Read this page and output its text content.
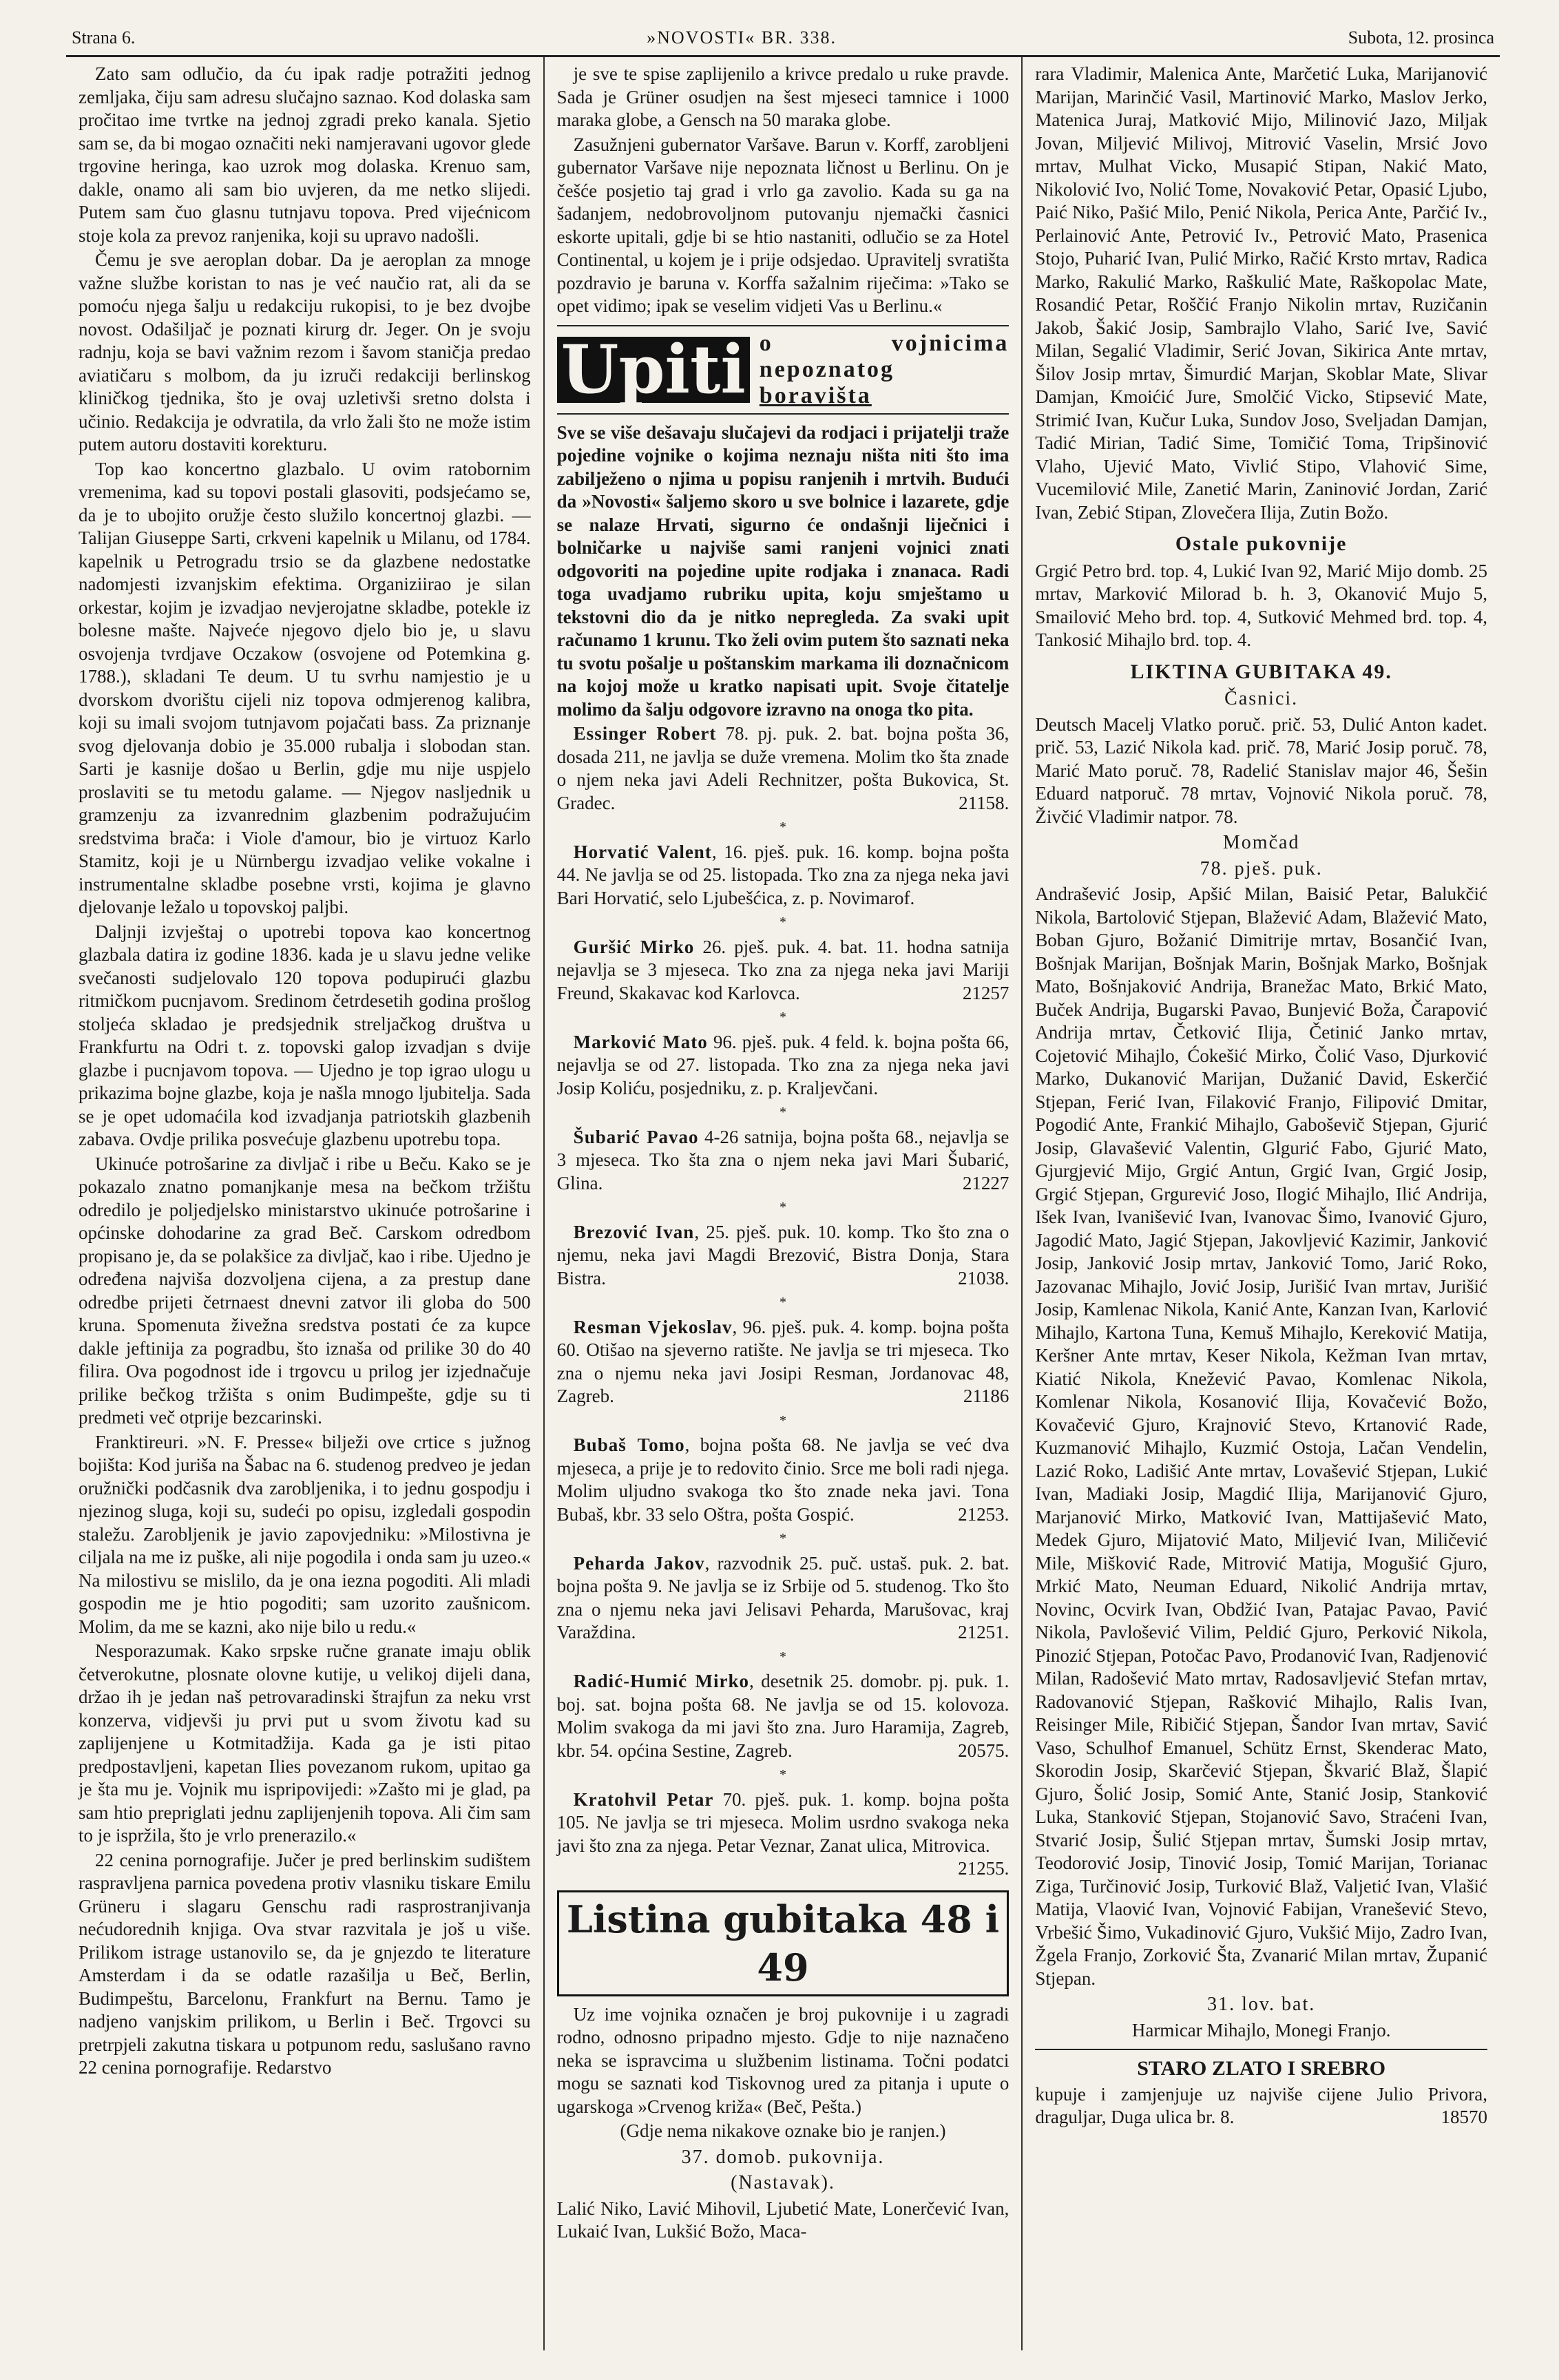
Strana 6.	»NOVOSTI« BR. 338.	Subota, 12. prosinca

Zato sam odlučio, da ću ipak radje potražiti jednog zemljaka, čiju sam adresu slučajno saznao. Kod dolaska sam pročitao ime tvrtke na jednoj zgradi preko kanala. Sjetio sam se, da bi mogao označiti neki namjeravani ugovor glede trgovine heringa, kao uzrok mog dolaska. Krenuo sam, dakle, onamo ali sam bio uvjeren, da me netko slijedi. Putem sam čuo glasnu tutnjavu topova. Pred vijećnicom stoje kola za prevoz ranjenika, koji su upravo nadošli.

Čemu je sve aeroplan dobar. Da je aeroplan za mnoge važne službe koristan to nas je već naučio rat, ali da se pomoću njega šalju u redakciju rukopisi, to je bez dvojbe novost. Odašiljač je poznati kirurg dr. Jeger. On je svoju radnju, koja se bavi važnim rezom i šavom staničja predao aviatičaru s molbom, da ju izruči redakciji berlinskog kliničkog tjednika, što je ovaj uzletivši sretno dolsta i učinio. Redakcija je odvratila, da vrlo žali što ne može istim putem autoru dostaviti korekturu.

Top kao koncertno glazbalo. U ovim ratobornim vremenima, kad su topovi postali glasoviti, podsjećamo se, da je to ubojito oružje često služilo koncertnoj glazbi. — Talijan Giuseppe Sarti, crkveni kapelnik u Milanu, od 1784. kapelnik u Petrogradu trsio se da glazbene nedostatke nadomjesti izvanjskim efektima. Organiziirao je silan orkestar, kojim je izvadjao nevjerojatne skladbe, potekle iz bolesne mašte. Najveće njegovo djelo bio je, u slavu osvojenja tvrdjave Oczakow (osvojene od Potemkina g. 1788.), skladani Te deum. U tu svrhu namjestio je u dvorskom dvorištu cijeli niz topova odmjerenog kalibra, koji su imali svojom tutnjavom pojačati bass. Za priznanje svog djelovanja dobio je 35.000 rubalja i slobodan stan. Sarti je kasnije došao u Berlin, gdje mu nije uspjelo proslaviti se tu metodu galame. — Njegov nasljednik u gramzenju za izvanrednim glazbenim podražujućim sredstvima brača: i Viole d'amour, bio je virtuoz Karlo Stamitz, koji je u Nürnbergu izvadjao velike vokalne i instrumentalne skladbe posebne vrsti, kojima je glavno djelovanje ležalo u topovskoj paljbi.

Daljnji izvještaj o upotrebi topova kao koncertnog glazbala datira iz godine 1836. kada je u slavu jedne velike svečanosti sudjelovalo 120 topova podupirući glazbu ritmičkom pucnjavom. Sredinom četrdesetih godina prošlog stoljeća skladao je predsjednik streljačkog društva u Frankfurtu na Odri t. z. topovski galop izvadjan s dvije glazbe i pucnjavom topova. — Ujedno je top igrao ulogu u prikazima bojne glazbe, koja je našla mnogo ljubitelja. Sada se je opet udomaćila kod izvadjanja patriotskih glazbenih zabava. Ovdje prilika posvećuje glazbenu upotrebu topa.

Ukinuće potrošarine za divljač i ribe u Beču. Kako se je pokazalo znatno pomanjkanje mesa na bečkom tržištu odredilo je poljedjelsko ministarstvo ukinuće potrošarine i općinske dohodarine za grad Beč. Carskom odredbom propisano je, da se polakšice za divljač, kao i ribe. Ujedno je određena najviša dozvoljena cijena, a za prestup dane odredbe prijeti četrnaest dnevni zatvor ili globa do 500 kruna. Spomenuta živežna sredstva postati će za kupce dakle jeftinija za pogradbu, što iznaša od prilike 30 do 40 filira. Ova pogodnost ide i trgovcu u prilog jer izjednačuje prilike bečkog tržišta s onim Budimpešte, gdje su ti predmeti več otprije bezcarinski.

Franktireuri. »N. F. Presse« bilježi ove crtice s južnog bojišta: Kod jurišа na Šabac na 6. studenog predveo je jedan oružnički podčasnik dva zarobljenika, i to jednu gospodju i njezinog sluga, koji su, sudeći po opisu, izgledali gospodin staležu. Zarobljenik je javio zapovjedniku: »Milostivna je ciljala na me iz puške, ali nije pogodila i onda sam ju uzeo.« Na milostivu se mislilo, da je ona iezna pogoditi. Ali mladi gospodin me je htio pogoditi; sam uzorito zaušnicom. Molim, da me se kazni, ako nije bilo u redu.«

Nesporazumak. Kako srpske ručne granate imaju oblik četverokutne, plosnate olovne kutije, u velikoj dijeli dana, držao ih je jedan naš petrovaradinski štrajfun za neku vrst konzerva, vidjevši ju prvi put u svom životu kad su zaplijenjene u Kotmitadžija. Kada ga je isti pitao predpostavljeni, kapetan Ilies povezanom rukom, upitao ga je šta mu je. Vojnik mu ispripovijedi: »Zašto mi je glad, pa sam htio prepriglati jednu zaplijenjenih topova. Ali čim sam to je ispržila, što je vrlo prenerazilo.«

22 cenina pornografije. Jučer je pred berlinskim sudištem raspravljena parnica povedena protiv vlasniku tiskare Emilu Grüneru i slagaru Genschu radi rasprostranjivanja nećudorednih knjiga. Ova stvar razvitala je još u više. Prilikom istrage ustanovilo se, da je gnjezdo te literature Amsterdam i da se odatle razašilja u Beč, Berlin, Budimpeštu, Barcelonu, Frankfurt na Bernu. Tamo je nadjeno vanjskim prilikom, u Berlin i Beč. Trgovci su pretrpjeli zakutna tiskara u potpunom redu, saslušano ravno 22 cenina pornografije. Redarstvo

je sve te spise zaplijenilo a krivce predalo u ruke pravde. Sada je Grüner osudjen na šest mjeseci tamnice i 1000 maraka globe, a Gensch na 50 maraka globe.

Zasužnjeni gubernator Varšave. Barun v. Korff, zarobljeni gubernator Varšave nije nepoznata ličnost u Berlinu. On je češće posjetio taj grad i vrlo ga zavolio. Kada su ga na šadanjem, nedobrovoljnom putovanju njemački časnici eskorte upitali, gdje bi se htio nastaniti, odlučio se za Hotel Continental, u kojem je i prije odsjedao. Upravitelj svratišta pozdravio je baruna v. Korffa sažalnim riječima: »Tako se opet vidimo; ipak se veselim vidjeti Vas u Berlinu.«

Upiti o vojnicima nepoznatog
boravišta

Sve se više dešavaju slučajevi da rodjaci i prijatelji traže pojedine vojnike o kojima neznaju ništa niti što ima zabilježeno o njima u popisu ranjenih i mrtvih. Budući da »Novosti« šaljemo skoro u sve bolnice i lazarete, gdje se nalaze Hrvati, sigurno će ondašnji liječnici i bolničarke u najviše sami ranjeni vojnici znati odgovoriti na pojedine upite rodjaka i znanaca. Radi toga uvadjamo rubriku upita, koju smještamo u tekstovni dio da je nitko nepregleda. Za svaki upit računamo 1 krunu. Tko želi ovim putem što saznati neka tu svotu pošalje u poštanskim markama ili doznačnicom na kojoj može u kratko napisati upit. Svoje čitatelje molimo da šalju odgovore izravno na onoga tko pita.

Essinger Robert 78. pj. puk. 2. bat. bojna pošta 36, dosada 211, ne javlja se duže vremena. Molim tko šta znade o njem neka javi Adeli Rechnitzer, pošta Bukovica, St. Gradec.	21158.

*

Horvatić Valent, 16. pješ. puk. 16. komp. bojna pošta 44. Ne javlja se od 25. listopada. Tko zna za njega neka javi Bari Horvatić, selo Ljubešćica, z. p. Novimarof.

*

Guršić Mirko 26. pješ. puk. 4. bat. 11. hodna satnija nejavlja se 3 mjeseca. Tko zna za njega neka javi Mariji Freund, Skakavac kod Karlovca.	21257

*

Marković Mato 96. pješ. puk. 4 feld. k. bojna pošta 66, nejavlja se od 27. listopada. Tko zna za njega neka javi Josip Koliću, posjedniku, z. p. Kraljevčani.

*

Šubarić Pavao 4-26 satnija, bojna pošta 68., nejavlja se 3 mjeseca. Tko šta zna o njem neka javi Mari Šubarić, Glina.	21227

*

Brezović Ivan, 25. pješ. puk. 10. komp. Tko što zna o njemu, neka javi Magdi Brezović, Bistra Donja, Stara Bistra.	21038.

*

Resman Vjekoslav, 96. pješ. puk. 4. komp. bojna pošta 60. Otišao na sjeverno ratište. Ne javlja se tri mjeseca. Tko zna o njemu neka javi Josipi Resman, Jordanovac 48, Zagreb.	21186

*

Bubaš Tomo, bojna pošta 68. Ne javlja se već dva mjeseca, a prije je to redovito činio. Srce me boli radi njega. Molim uljudno svakoga tko što znade neka javi. Tona Bubaš, kbr. 33 selo Oštra, pošta Gospić.	21253.

*

Peharda Jakov, razvodnik 25. puč. ustaš. puk. 2. bat. bojna pošta 9. Ne javlja se iz Srbije od 5. studenog. Tko što zna o njemu neka javi Jelisavi Peharda, Marušovac, kraj Varaždina.	21251.

*

Radić-Humić Mirko, desetnik 25. domobr. pj. puk. 1. boj. sat. bojna pošta 68. Ne javlja se od 15. kolovoza. Molim svakoga da mi javi što zna. Juro Haramija, Zagreb, kbr. 54. općina Sestine, Zagreb.	20575.

*

Kratohvil Petar 70. pješ. puk. 1. komp. bojna pošta 105. Ne javlja se tri mjeseca. Molim usrdno svakoga neka javi što zna za njega. Petar Veznar, Zanat ulica, Mitrovica.
21255.

Listina gubitaka 48 i 49

Uz ime vojnika označen je broj pukovnije i u zagradi rodno, odnosno pripadno mjesto. Gdje to nije naznačeno neka se ispravcima u službenim listinama. Točni podatci mogu se saznati kod Tiskovnog ured za pitanja i upute o ugarskoga »Crvenog križa« (Beč, Pešta.)

(Gdje nema nikakove oznake bio je ranjen.)

37. domob. pukovnija.
(Nastavak).

Lalić Niko, Lavić Mihovil, Ljubetić Mate, Lonerčević Ivan, Lukaić Ivan, Lukšić Božo, Maca-

rara Vladimir, Malenica Ante, Marčetić Luka, Marijanović Marijan, Marinčić Vasil, Martinović Marko, Maslov Jerko, Matenica Juraj, Matković Mijo, Milinović Jazo, Miljak Jovan, Miljević Milivoj, Mitrović Vaselin, Mrsić Jovo mrtav, Mulhat Vicko, Musapić Stipan, Nakić Mato, Nikolović Ivo, Nolić Tome, Novaković Petar, Opasić Ljubo, Paić Niko, Pašić Milo, Penić Nikola, Perica Ante, Parčić Iv., Perlainović Ante, Petrović Iv., Petrović Mato, Prasenica Stojo, Puharić Ivan, Pulić Mirko, Račić Krsto mrtav, Radica Marko, Rakulić Marko, Raškulić Mate, Raškopolac Mate, Rosandić Petar, Roščić Franjo Nikolin mrtav, Ruzičanin Jakob, Šakić Josip, Sambrajlo Vlaho, Sarić Ive, Savić Milan, Segalić Vladimir, Serić Jovan, Sikirica Ante mrtav, Šilov Josip mrtav, Šimurdić Marjan, Skoblar Mate, Slivar Damjan, Kmoićić Jure, Smolčić Vicko, Stipsević Mate, Strimić Ivan, Kučur Luka, Sundov Joso, Svelјadan Damjan, Tadić Mirian, Tadić Sime, Tomičić Toma, Tripšinović Vlaho, Ujević Mato, Vivlić Stipo, Vlahović Sime, Vucemilović Mile, Zanetić Marin, Zaninović Jordan, Zarić Ivan, Zebić Stipan, Zlovečera Ilija, Zutin Božo.

Ostale pukovnije

Grgić Petro brd. top. 4, Lukić Ivan 92, Marić Mijo domb. 25 mrtav, Marković Milorad b. h. 3, Okanović Mujo 5, Smailović Meho brd. top. 4, Sutković Mehmed brd. top. 4, Tankosić Mihajlo brd. top. 4.

LIKTINA GUBITAKA 49.
Časnici.

Deutsch Macelj Vlatko poruč. prič. 53, Dulić Anton kadet. prič. 53, Lazić Nikola kad. prič. 78, Marić Josip poruč. 78, Marić Mato poruč. 78, Radelić Stanislav major 46, Šešin Eduard natporuč. 78 mrtav, Vojnović Nikola poruč. 78, Živčić Vladimir natpor. 78.

Momčad
78. pješ. puk.

Andrašević Josip, Apšić Milan, Baisić Petar, Balukčić Nikola, Bartolović Stjepan, Blažević Adam, Blažević Mato, Boban Gjuro, Božanić Dimitrije mrtav, Bosančić Ivan, Bošnjak Marijan, Bošnjak Marin, Bošnjak Marko, Bošnjak Mato, Bošnjaković Andrija, Branežac Mato, Brkić Mato, Buček Andrija, Bugarski Pavao, Bunjević Boža, Čarapović Andrija mrtav, Četković Ilija, Četinić Janko mrtav, Cojetović Mihajlo, Ćokešić Mirko, Čolić Vaso, Djurković Marko, Dukanović Marijan, Dužanić David, Eskerčić Stjepan, Ferić Ivan, Filaković Franjo, Filipović Dmitar, Pogodić Ante, Frankić Mihajlo, Gaboševič Stjepan, Gjurić Josip, Glavašević Valentin, Glgurić Fabo, Gjurić Mato, Gjurgjević Mijo, Grgić Antun, Grgić Ivan, Grgić Josip, Grgić Stjepan, Grgurević Joso, Ilogić Mihajlo, Ilić Andrija, Išek Ivan, Ivanišević Ivan, Ivanovac Šimo, Ivanović Gjuro, Jagodić Mato, Jagić Stjepan, Jakovljević Kazimir, Janković Josip, Janković Josip mrtav, Janković Tomo, Jarić Roko, Jazovanac Mihajlo, Jović Josip, Jurišić Ivan mrtav, Jurišić Josip, Kamlenac Nikola, Kanić Ante, Kanzan Ivan, Karlović Mihajlo, Kartona Tuna, Kemuš Mihajlo, Kereković Matija, Keršner Ante mrtav, Keser Nikola, Kežman Ivan mrtav, Kiatić Nikola, Knežević Pavao, Komlenac Nikola, Komlenar Nikola, Kosanović Ilija, Kovačević Božo, Kovačević Gjuro, Krajnović Stevo, Krtanović Rade, Kuzmanović Mihajlo, Kuzmić Ostoja, Lačan Vendelin, Lazić Roko, Ladišić Ante mrtav, Lovašević Stjepan, Lukić Ivan, Madiaki Josip, Magdić Ilija, Marijanović Gjuro, Marjanović Mirko, Matković Ivan, Mattijašević Mato, Medek Gjuro, Mijatović Mato, Miljević Ivan, Miličević Mile, Mišković Rade, Mitrović Matija, Mogušić Gjuro, Mrkić Mato, Neuman Eduard, Nikolić Andrija mrtav, Novinc, Ocvirk Ivan, Obdžić Ivan, Patajac Pavao, Pavić Nikola, Pavlošević Vilim, Peldić Gjuro, Perković Nikola, Pinozić Stjepan, Potočac Pavo, Prodanović Ivan, Radjenović Milan, Radošević Mato mrtav, Radosavljević Stefan mrtav, Radovanović Stjepan, Rašković Mihajlo, Ralis Ivan, Reisinger Mile, Ribičić Stjepan, Šandor Ivan mrtav, Savić Vaso, Schulhof Emanuel, Schütz Ernst, Skenderac Mato, Skorodin Josip, Skarčević Stjepan, Škvarić Blaž, Šlapić Gjuro, Šolić Josip, Somić Ante, Stanić Josip, Stanković Luka, Stanković Stjepan, Stojanović Savo, Straćeni Ivan, Stvarić Josip, Šulić Stjepan mrtav, Šumski Josip mrtav, Teodorović Josip, Tinović Josip, Tomić Marijan, Torianac Ziga, Turčinović Josip, Turković Blaž, Valjetić Ivan, Vlašić Matija, Vlaović Ivan, Vojnović Fabijan, Vranešević Stevo, Vrbešić Šimo, Vukadinović Gjuro, Vukšić Mijo, Zadro Ivan, Žgela Franjo, Zorković Šta, Zvanarić Milan mrtav, Županić Stjepan.

31. lov. bat.

Harmicar Mihajlo, Monegi Franjo.

STARO ZLATO I SREBRO

kupuje i zamjenjuje uz najviše cijene Julio Privora, dragulјar, Duga ulica br. 8.	18570
